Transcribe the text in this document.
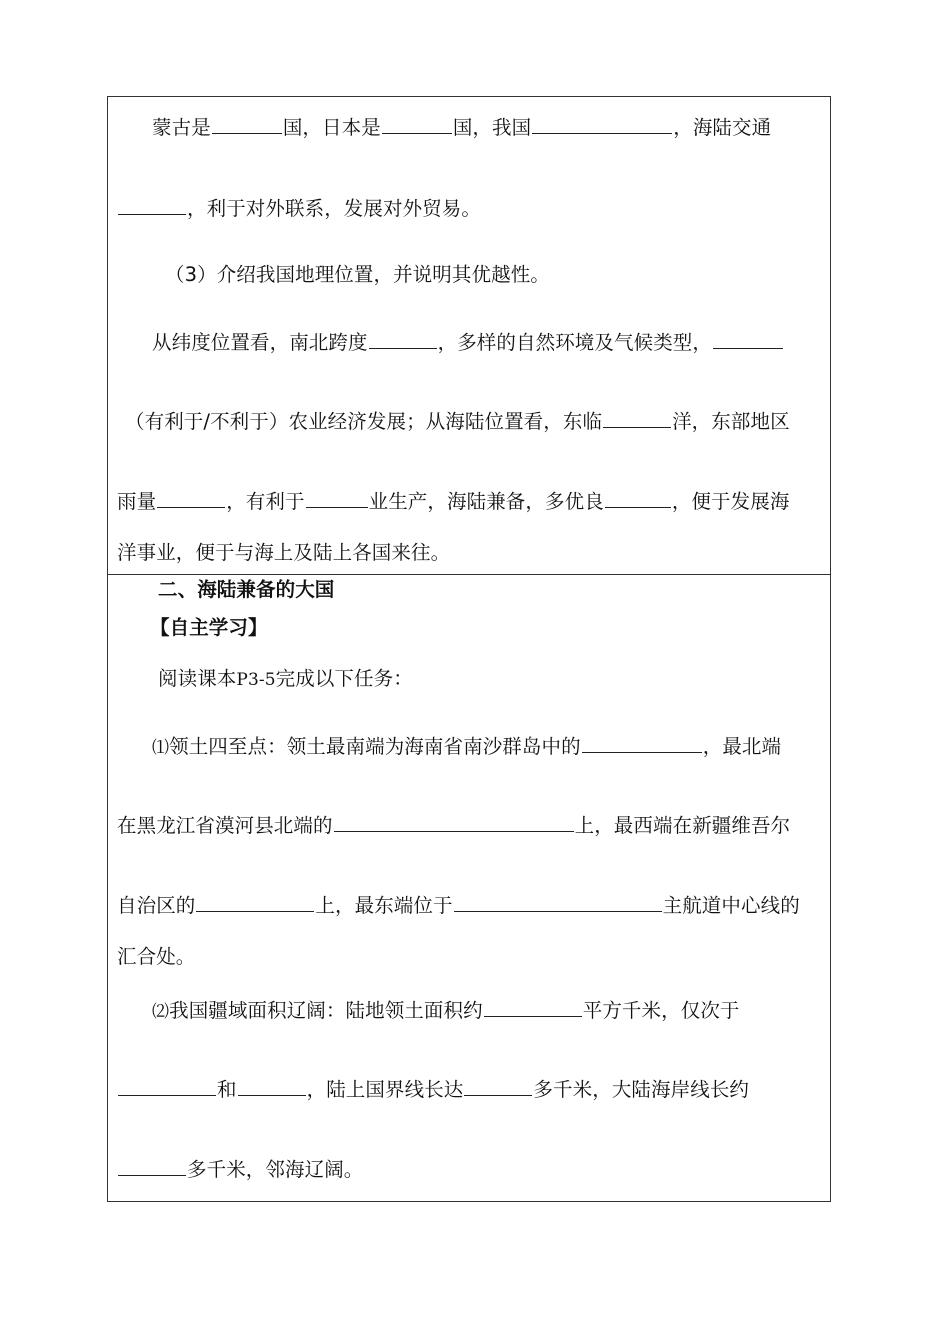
蒙古是	国，日本是	国，我国	，海陆交通
，利于对外联系，发展对外贸易。
（3）介绍我国地理位置，并说明其优越性。
从纬度位置看，南北跨度	，多样的自然环境及气候类型，
（有利于/不利于）农业经济发展；从海陆位置看，东临	洋，东部地区
雨量	，有利于	业生产，海陆兼备，多优良	，便于发展海
洋事业，便于与海上及陆上各国来往。
二、海陆兼备的大国
【自主学习】
阅读课本P3-5完成以下任务：
⑴领土四至点：领土最南端为海南省南沙群岛中的	，最北端
在黑龙江省漠河县北端的	上，最西端在新疆维吾尔
自治区的	上，最东端位于	主航道中心线的
汇合处。
⑵我国疆域面积辽阔：陆地领土面积约	平方千米，仅次于
和	，陆上国界线长达	多千米，大陆海岸线长约
多千米，邻海辽阔。
